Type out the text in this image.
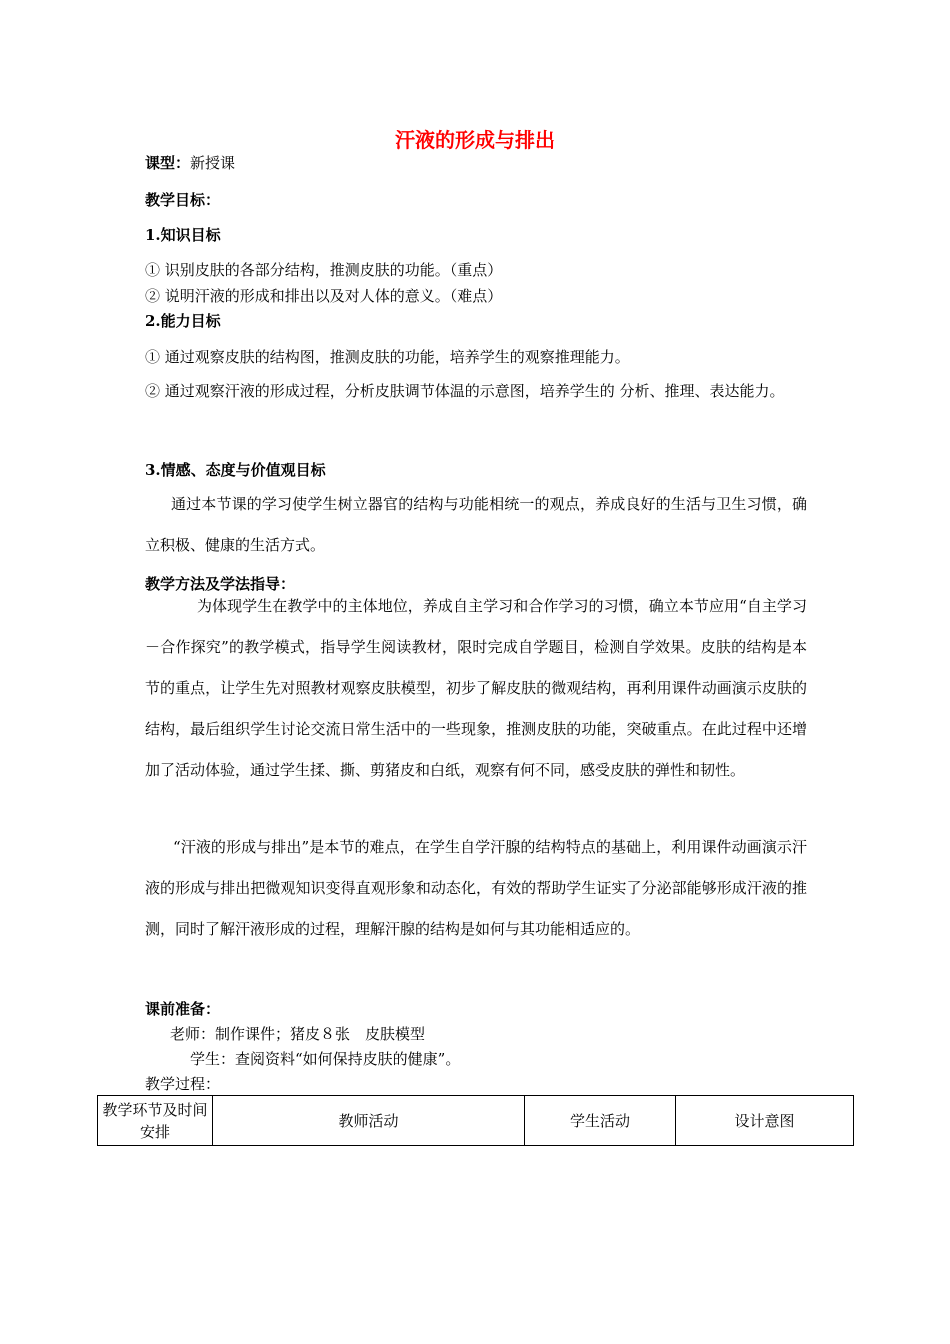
汗液的形成与排出
课型：新授课
教学目标：
1.知识目标
① 识别皮肤的各部分结构，推测皮肤的功能。（重点）
② 说明汗液的形成和排出以及对人体的意义。（难点）
2.能力目标
① 通过观察皮肤的结构图，推测皮肤的功能，培养学生的观察推理能力。
② 通过观察汗液的形成过程，分析皮肤调节体温的示意图，培养学生的 分析、推理、表达能力。
3.情感、态度与价值观目标
通过本节课的学习使学生树立器官的结构与功能相统一的观点，养成良好的生活与卫生习惯，确立积极、健康的生活方式。
教学方法及学法指导：
为体现学生在教学中的主体地位，养成自主学习和合作学习的习惯，确立本节应用“自主学习－合作探究”的教学模式，指导学生阅读教材，限时完成自学题目，检测自学效果。皮肤的结构是本节的重点，让学生先对照教材观察皮肤模型，初步了解皮肤的微观结构，再利用课件动画演示皮肤的结构，最后组织学生讨论交流日常生活中的一些现象，推测皮肤的功能，突破重点。在此过程中还增加了活动体验，通过学生揉、撕、剪猪皮和白纸，观察有何不同，感受皮肤的弹性和韧性。
“汗液的形成与排出”是本节的难点，在学生自学汗腺的结构特点的基础上，利用课件动画演示汗液的形成与排出把微观知识变得直观形象和动态化，有效的帮助学生证实了分泌部能够形成汗液的推测，同时了解汗液形成的过程，理解汗腺的结构是如何与其功能相适应的。
课前准备：
老师：制作课件；猪皮８张　皮肤模型
学生：查阅资料“如何保持皮肤的健康”。
教学过程：
教学环节及时间安排	教师活动	学生活动	设计意图
